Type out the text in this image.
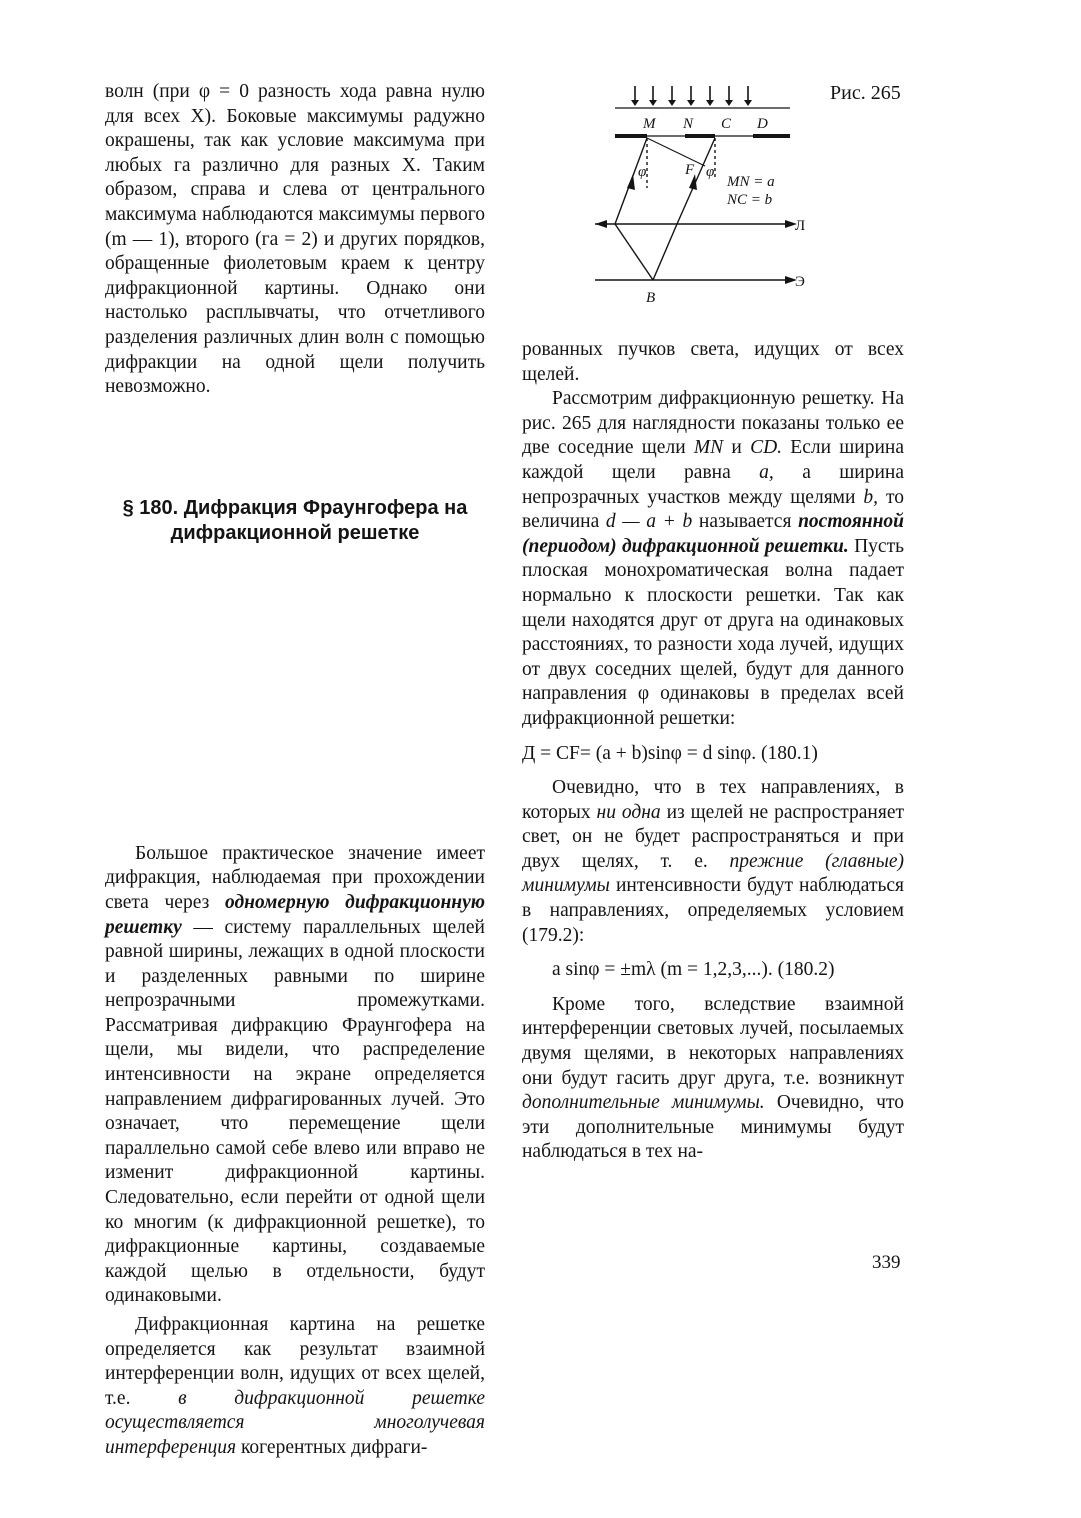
M N C D
F
φ	φ
MN = a
NC = b
Л
Э
B
Рис. 265

волн (при φ = 0 разность хода равна нулю для всех X). Боковые максимумы радужно окрашены, так как условие максимума при любых га различно для разных X. Таким образом, справа и слева от центрального максимума наблюдаются максимумы первого (m — 1), второго (га = 2) и других порядков, обращенные фиолетовым краем к центру дифракционной картины. Однако они настолько расплывчаты, что отчетливого разделения различных длин волн с помощью дифракции на одной щели получить невозможно.

Большое практическое значение имеет дифракция, наблюдаемая при прохождении света через одномерную дифракционную решетку — систему параллельных щелей равной ширины, лежащих в одной плоскости и разделенных равными по ширине непрозрачными промежутками. Рассматривая дифракцию Фраунгофера на щели, мы видели, что распределение интенсивности на экране определяется направлением дифрагированных лучей. Это означает, что перемещение щели параллельно самой себе влево или вправо не изменит дифракционной картины. Следовательно, если перейти от одной щели ко многим (к дифракционной решетке), то дифракционные картины, создаваемые каждой щелью в отдельности, будут одинаковыми.

Дифракционная картина на решетке определяется как результат взаимной интерференции волн, идущих от всех щелей, т.е. в дифракционной решетке осуществляется многолучевая интерференция когерентных дифраги-

§ 180. Дифракция Фраунгофера на дифракционной решетке

рованных пучков света, идущих от всех щелей.

Рассмотрим дифракционную решетку. На рис. 265 для наглядности показаны только ее две соседние щели MN и CD. Если ширина каждой щели равна a, а ширина непрозрачных участков между щелями b, то величина d — a + b называется постоянной (периодом) дифракционной решетки. Пусть плоская монохроматическая волна падает нормально к плоскости решетки. Так как щели находятся друг от друга на одинаковых расстояниях, то разности хода лучей, идущих от двух соседних щелей, будут для данного направления φ одинаковы в пределах всей дифракционной решетки:

Д = CF= (a + b)sinφ = d sinφ. (180.1)

Очевидно, что в тех направлениях, в которых ни одна из щелей не распространяет свет, он не будет распространяться и при двух щелях, т. е. прежние (главные) минимумы интенсивности будут наблюдаться в направлениях, определяемых условием (179.2):

a sinφ = ±mλ (m = 1,2,3,...). (180.2)

Кроме того, вследствие взаимной интерференции световых лучей, посылаемых двумя щелями, в некоторых направлениях они будут гасить друг друга, т.е. возникнут дополнительные минимумы. Очевидно, что эти дополнительные минимумы будут наблюдаться в тех на-

339
